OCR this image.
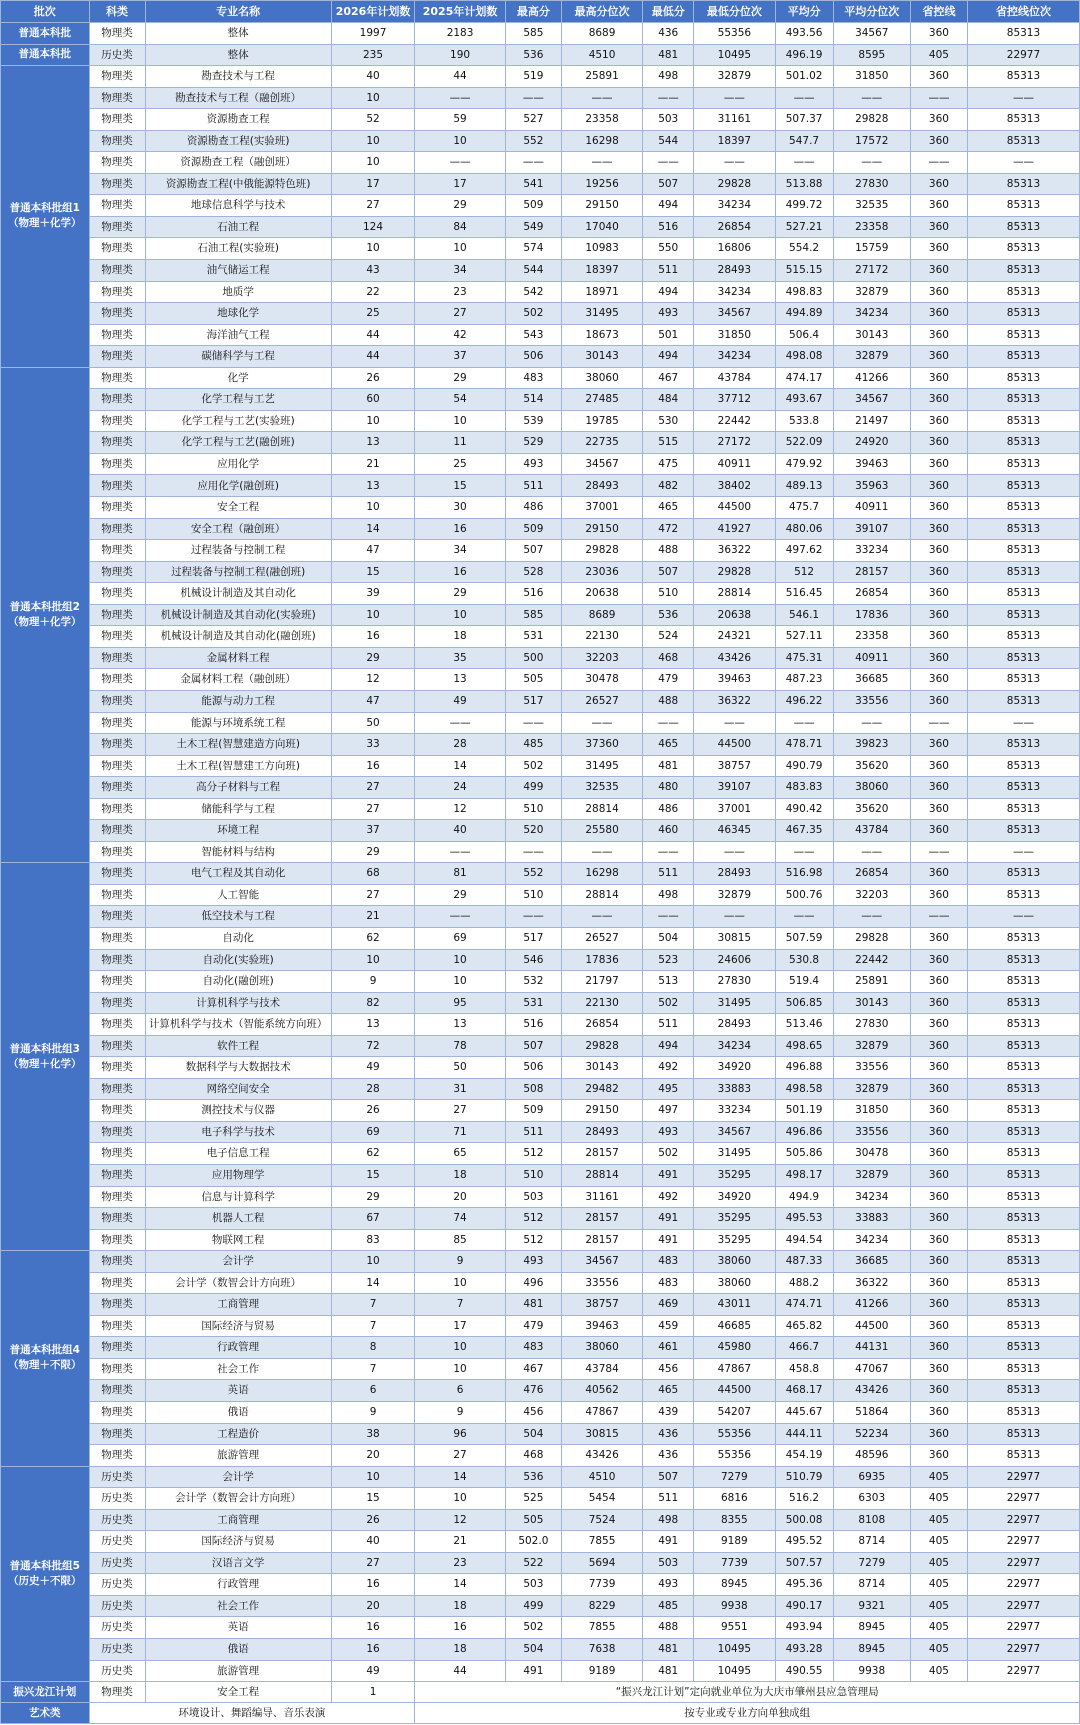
批次	科类	专业名称	2026年计划数	2025年计划数	最高分	最高分位次	最低分	最低分位次	平均分	平均分位次	省控线	省控线位次
普通本科批	物理类	整体	1997	2183	585	8689	436	55356	493.56	34567	360	85313
普通本科批	历史类	整体	235	190	536	4510	481	10495	496.19	8595	405	22977
普通本科批组1
（物理＋化学）	物理类	勘查技术与工程	40	44	519	25891	498	32879	501.02	31850	360	85313
	物理类	勘查技术与工程（融创班）	10	——	——	——	——	——	——	——	——	——
	物理类	资源勘查工程	52	59	527	23358	503	31161	507.37	29828	360	85313
	物理类	资源勘查工程(实验班)	10	10	552	16298	544	18397	547.7	17572	360	85313
	物理类	资源勘查工程（融创班）	10	——	——	——	——	——	——	——	——	——
	物理类	资源勘查工程(中俄能源特色班)	17	17	541	19256	507	29828	513.88	27830	360	85313
	物理类	地球信息科学与技术	27	29	509	29150	494	34234	499.72	32535	360	85313
	物理类	石油工程	124	84	549	17040	516	26854	527.21	23358	360	85313
	物理类	石油工程(实验班)	10	10	574	10983	550	16806	554.2	15759	360	85313
	物理类	油气储运工程	43	34	544	18397	511	28493	515.15	27172	360	85313
	物理类	地质学	22	23	542	18971	494	34234	498.83	32879	360	85313
	物理类	地球化学	25	27	502	31495	493	34567	494.89	34234	360	85313
	物理类	海洋油气工程	44	42	543	18673	501	31850	506.4	30143	360	85313
	物理类	碳储科学与工程	44	37	506	30143	494	34234	498.08	32879	360	85313
普通本科批组2
（物理＋化学）	物理类	化学	26	29	483	38060	467	43784	474.17	41266	360	85313
	物理类	化学工程与工艺	60	54	514	27485	484	37712	493.67	34567	360	85313
	物理类	化学工程与工艺(实验班)	10	10	539	19785	530	22442	533.8	21497	360	85313
	物理类	化学工程与工艺(融创班)	13	11	529	22735	515	27172	522.09	24920	360	85313
	物理类	应用化学	21	25	493	34567	475	40911	479.92	39463	360	85313
	物理类	应用化学(融创班)	13	15	511	28493	482	38402	489.13	35963	360	85313
	物理类	安全工程	10	30	486	37001	465	44500	475.7	40911	360	85313
	物理类	安全工程（融创班）	14	16	509	29150	472	41927	480.06	39107	360	85313
	物理类	过程装备与控制工程	47	34	507	29828	488	36322	497.62	33234	360	85313
	物理类	过程装备与控制工程(融创班)	15	16	528	23036	507	29828	512	28157	360	85313
	物理类	机械设计制造及其自动化	39	29	516	20638	510	28814	516.45	26854	360	85313
	物理类	机械设计制造及其自动化(实验班)	10	10	585	8689	536	20638	546.1	17836	360	85313
	物理类	机械设计制造及其自动化(融创班)	16	18	531	22130	524	24321	527.11	23358	360	85313
	物理类	金属材料工程	29	35	500	32203	468	43426	475.31	40911	360	85313
	物理类	金属材料工程（融创班）	12	13	505	30478	479	39463	487.23	36685	360	85313
	物理类	能源与动力工程	47	49	517	26527	488	36322	496.22	33556	360	85313
	物理类	能源与环境系统工程	50	——	——	——	——	——	——	——	——	——
	物理类	土木工程(智慧建造方向班)	33	28	485	37360	465	44500	478.71	39823	360	85313
	物理类	土木工程(智慧建工方向班)	16	14	502	31495	481	38757	490.79	35620	360	85313
	物理类	高分子材料与工程	27	24	499	32535	480	39107	483.83	38060	360	85313
	物理类	储能科学与工程	27	12	510	28814	486	37001	490.42	35620	360	85313
	物理类	环境工程	37	40	520	25580	460	46345	467.35	43784	360	85313
	物理类	智能材料与结构	29	——	——	——	——	——	——	——	——	——
普通本科批组3
（物理＋化学）	物理类	电气工程及其自动化	68	81	552	16298	511	28493	516.98	26854	360	85313
	物理类	人工智能	27	29	510	28814	498	32879	500.76	32203	360	85313
	物理类	低空技术与工程	21	——	——	——	——	——	——	——	——	——
	物理类	自动化	62	69	517	26527	504	30815	507.59	29828	360	85313
	物理类	自动化(实验班)	10	10	546	17836	523	24606	530.8	22442	360	85313
	物理类	自动化(融创班)	9	10	532	21797	513	27830	519.4	25891	360	85313
	物理类	计算机科学与技术	82	95	531	22130	502	31495	506.85	30143	360	85313
	物理类	计算机科学与技术（智能系统方向班）	13	13	516	26854	511	28493	513.46	27830	360	85313
	物理类	软件工程	72	78	507	29828	494	34234	498.65	32879	360	85313
	物理类	数据科学与大数据技术	49	50	506	30143	492	34920	496.88	33556	360	85313
	物理类	网络空间安全	28	31	508	29482	495	33883	498.58	32879	360	85313
	物理类	测控技术与仪器	26	27	509	29150	497	33234	501.19	31850	360	85313
	物理类	电子科学与技术	69	71	511	28493	493	34567	496.86	33556	360	85313
	物理类	电子信息工程	62	65	512	28157	502	31495	505.86	30478	360	85313
	物理类	应用物理学	15	18	510	28814	491	35295	498.17	32879	360	85313
	物理类	信息与计算科学	29	20	503	31161	492	34920	494.9	34234	360	85313
	物理类	机器人工程	67	74	512	28157	491	35295	495.53	33883	360	85313
	物理类	物联网工程	83	85	512	28157	491	35295	494.54	34234	360	85313
普通本科批组4
（物理＋不限）	物理类	会计学	10	9	493	34567	483	38060	487.33	36685	360	85313
	物理类	会计学（数智会计方向班）	14	10	496	33556	483	38060	488.2	36322	360	85313
	物理类	工商管理	7	7	481	38757	469	43011	474.71	41266	360	85313
	物理类	国际经济与贸易	7	17	479	39463	459	46685	465.82	44500	360	85313
	物理类	行政管理	8	10	483	38060	461	45980	466.7	44131	360	85313
	物理类	社会工作	7	10	467	43784	456	47867	458.8	47067	360	85313
	物理类	英语	6	6	476	40562	465	44500	468.17	43426	360	85313
	物理类	俄语	9	9	456	47867	439	54207	445.67	51864	360	85313
	物理类	工程造价	38	96	504	30815	436	55356	444.11	52234	360	85313
	物理类	旅游管理	20	27	468	43426	436	55356	454.19	48596	360	85313
普通本科批组5
（历史＋不限）	历史类	会计学	10	14	536	4510	507	7279	510.79	6935	405	22977
	历史类	会计学（数智会计方向班）	15	10	525	5454	511	6816	516.2	6303	405	22977
	历史类	工商管理	26	12	505	7524	498	8355	500.08	8108	405	22977
	历史类	国际经济与贸易	40	21	502.0	7855	491	9189	495.52	8714	405	22977
	历史类	汉语言文学	27	23	522	5694	503	7739	507.57	7279	405	22977
	历史类	行政管理	16	14	503	7739	493	8945	495.36	8714	405	22977
	历史类	社会工作	20	18	499	8229	485	9938	490.17	9321	405	22977
	历史类	英语	16	16	502	7855	488	9551	493.94	8945	405	22977
	历史类	俄语	16	18	504	7638	481	10495	493.28	8945	405	22977
	历史类	旅游管理	49	44	491	9189	481	10495	490.55	9938	405	22977
振兴龙江计划	物理类	安全工程	1	“振兴龙江计划”定向就业单位为大庆市肇州县应急管理局								
艺术类	环境设计、舞蹈编导、音乐表演			按专业或专业方向单独成组								
